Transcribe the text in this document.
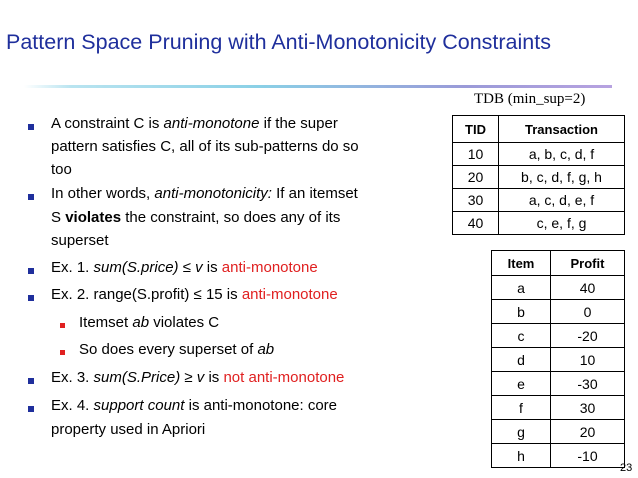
Pattern Space Pruning with Anti-Monotonicity Constraints
A constraint C is anti-monotone if the super
pattern satisfies C, all of its sub-patterns do so
too
In other words, anti-monotonicity: If an itemset
S violates the constraint, so does any of its
superset
Ex. 1. sum(S.price) ≤ v is anti-monotone
Ex. 2. range(S.profit) ≤ 15 is anti-monotone
Itemset ab violates C
So does every superset of ab
Ex. 3. sum(S.Price) ≥ v is not anti-monotone
Ex. 4. support count is anti-monotone: core
property used in Apriori
TDB (min_sup=2)
TID	Transaction
10	a, b, c, d, f
20	b, c, d, f, g, h
30	a, c, d, e, f
40	c, e, f, g
Item	Profit
a	40
b	0
c	-20
d	10
e	-30
f	30
g	20
h	-10
23
